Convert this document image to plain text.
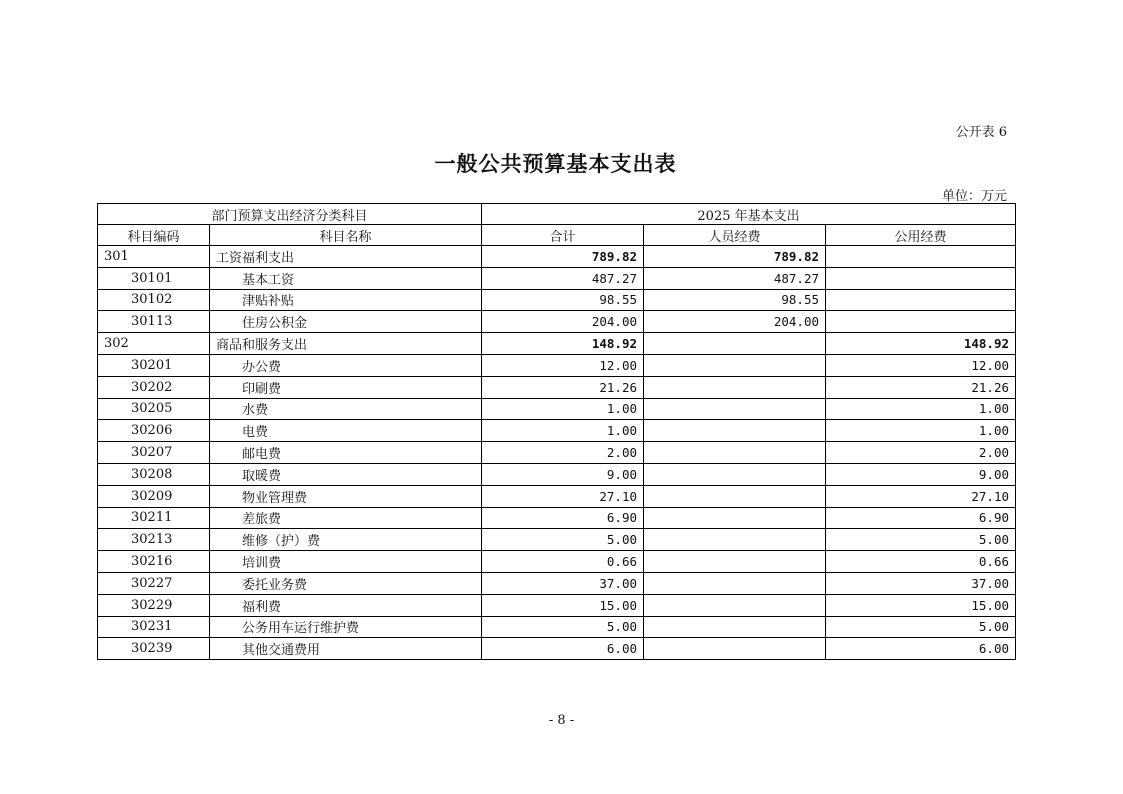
公开表 6
一般公共预算基本支出表
单位：万元
部门预算支出经济分类科目		2025 年基本支出		
科目编码	科目名称	合计	人员经费	公用经费
301	工资福利支出	789.82	789.82	
30101	基本工资	487.27	487.27	
30102	津贴补贴	98.55	98.55	
30113	住房公积金	204.00	204.00	
302	商品和服务支出	148.92		148.92
30201	办公费	12.00		12.00
30202	印刷费	21.26		21.26
30205	水费	1.00		1.00
30206	电费	1.00		1.00
30207	邮电费	2.00		2.00
30208	取暖费	9.00		9.00
30209	物业管理费	27.10		27.10
30211	差旅费	6.90		6.90
30213	维修（护）费	5.00		5.00
30216	培训费	0.66		0.66
30227	委托业务费	37.00		37.00
30229	福利费	15.00		15.00
30231	公务用车运行维护费	5.00		5.00
30239	其他交通费用	6.00		6.00
- 8 -
